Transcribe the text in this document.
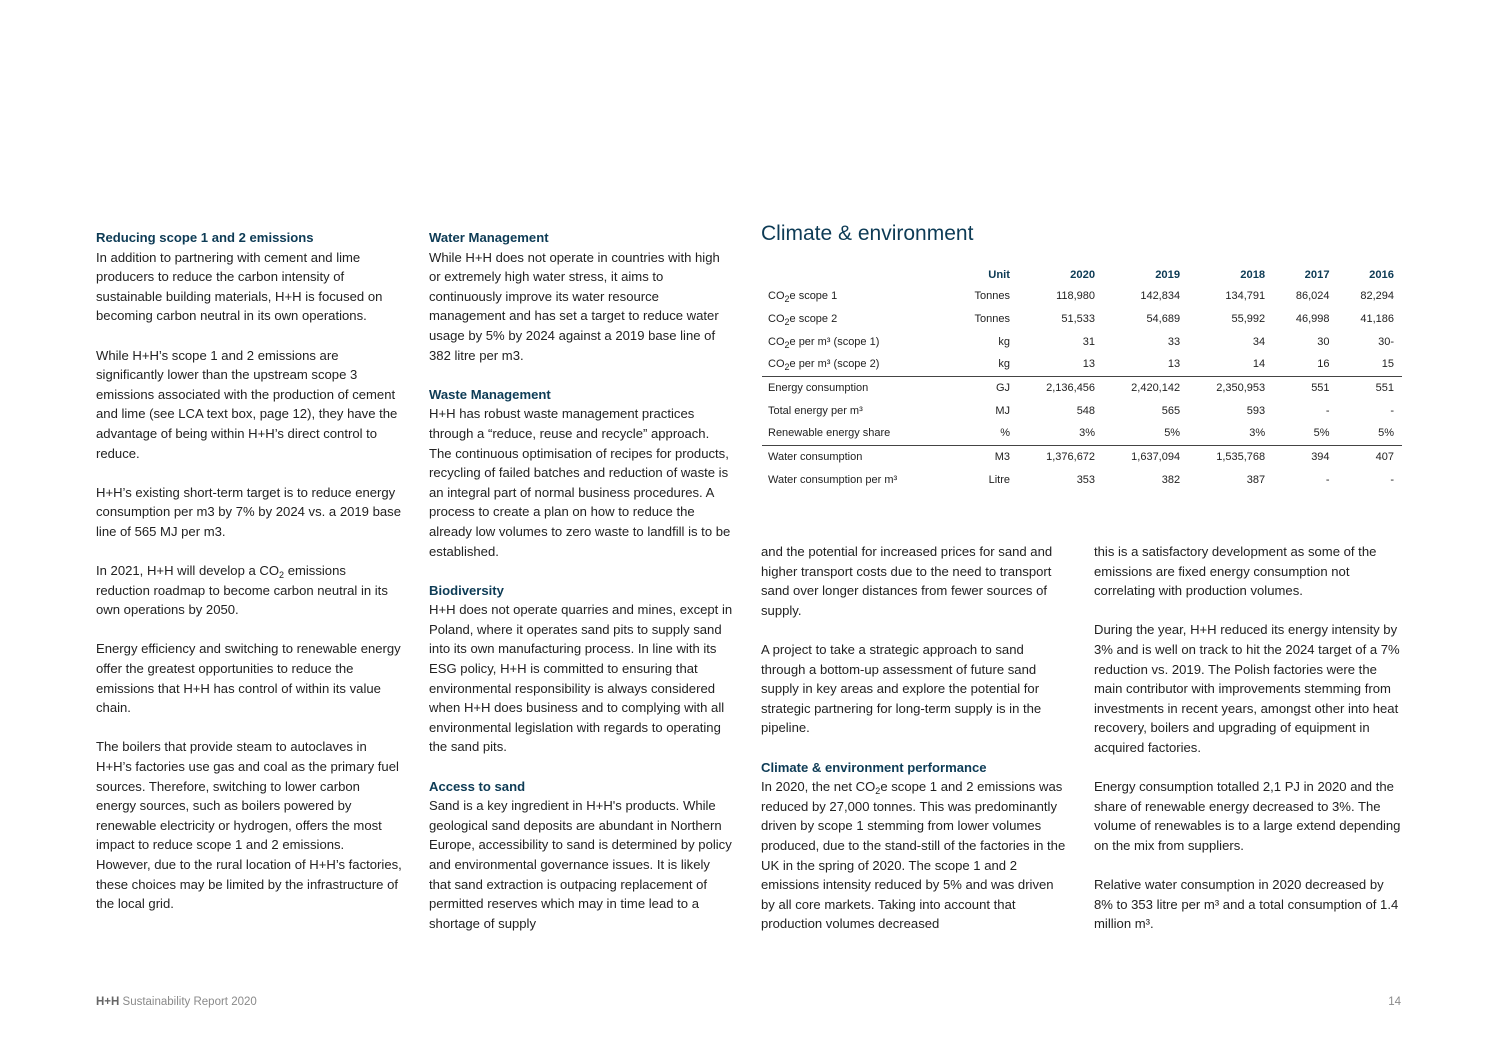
Reducing scope 1 and 2 emissions

In addition to partnering with cement and lime producers to reduce the carbon intensity of sustainable building materials, H+H is focused on becoming carbon neutral in its own operations.

While H+H’s scope 1 and 2 emissions are significantly lower than the upstream scope 3 emissions associated with the production of cement and lime (see LCA text box, page 12), they have the advantage of being within H+H’s direct control to reduce.

H+H’s existing short-term target is to reduce energy consumption per m3 by 7% by 2024 vs. a 2019 base line of 565 MJ per m3.

In 2021, H+H will develop a $CO_2$ emissions reduction roadmap to become carbon neutral in its own operations by 2050.

Energy efficiency and switching to renewable energy offer the greatest opportunities to reduce the emissions that H+H has control of within its value chain.

The boilers that provide steam to autoclaves in H+H’s factories use gas and coal as the primary fuel sources. Therefore, switching to lower carbon energy sources, such as boilers powered by renewable electricity or hydrogen, offers the most impact to reduce scope 1 and 2 emissions. However, due to the rural location of H+H’s factories, these choices may be limited by the infrastructure of the local grid.

Water Management

While H+H does not operate in countries with high or extremely high water stress, it aims to continuously improve its water resource management and has set a target to reduce water usage by 5% by 2024 against a 2019 base line of 382 litre per m3.

Waste Management

H+H has robust waste management practices through a “reduce, reuse and recycle” approach. The continuous optimisation of recipes for products, recycling of failed batches and reduction of waste is an integral part of normal business procedures. A process to create a plan on how to reduce the already low volumes to zero waste to landfill is to be established.

Biodiversity

H+H does not operate quarries and mines, except in Poland, where it operates sand pits to supply sand into its own manufacturing process. In line with its ESG policy, H+H is committed to ensuring that environmental responsibility is always considered when H+H does business and to complying with all environmental legislation with regards to operating the sand pits.

Access to sand

Sand is a key ingredient in H+H's products. While geological sand deposits are abundant in Northern Europe, accessibility to sand is determined by policy and environmental governance issues. It is likely that sand extraction is outpacing replacement of permitted reserves which may in time lead to a shortage of supply

Climate & environment
	Unit	2020	2019	2018	2017	2016
$CO_2e$ scope 1	Tonnes	118,980	142,834	134,791	86,024	82,294
$CO_2e$ scope 2	Tonnes	51,533	54,689	55,992	46,998	41,186
$CO_2e$ per m³ (scope 1)	kg	31	33	34	30	30-
$CO_2e$ per m³ (scope 2)	kg	13	13	14	16	15
Energy consumption	GJ	2,136,456	2,420,142	2,350,953	551	551
Total energy per m³	MJ	548	565	593	-	-
Renewable energy share	%	3%	5%	3%	5%	5%
Water consumption	M3	1,376,672	1,637,094	1,535,768	394	407
Water consumption per m³	Litre	353	382	387	-	-

and the potential for increased prices for sand and higher transport costs due to the need to transport sand over longer distances from fewer sources of supply.

A project to take a strategic approach to sand through a bottom-up assessment of future sand supply in key areas and explore the potential for strategic partnering for long-term supply is in the pipeline.

Climate & environment performance

In 2020, the net $CO_2e$ scope 1 and 2 emissions was reduced by 27,000 tonnes. This was predominantly driven by scope 1 stemming from lower volumes produced, due to the stand-still of the factories in the UK in the spring of 2020. The scope 1 and 2 emissions intensity reduced by 5% and was driven by all core markets. Taking into account that production volumes decreased

this is a satisfactory development as some of the emissions are fixed energy consumption not correlating with production volumes.

During the year, H+H reduced its energy intensity by 3% and is well on track to hit the 2024 target of a 7% reduction vs. 2019. The Polish factories were the main contributor with improvements stemming from investments in recent years, amongst other into heat recovery, boilers and upgrading of equipment in acquired factories.

Energy consumption totalled 2,1 PJ in 2020 and the share of renewable energy decreased to 3%. The volume of renewables is to a large extend depending on the mix from suppliers.

Relative water consumption in 2020 decreased by 8% to 353 litre per m³ and a total consumption of 1.4 million m³.

H+H Sustainability Report 2020	14
